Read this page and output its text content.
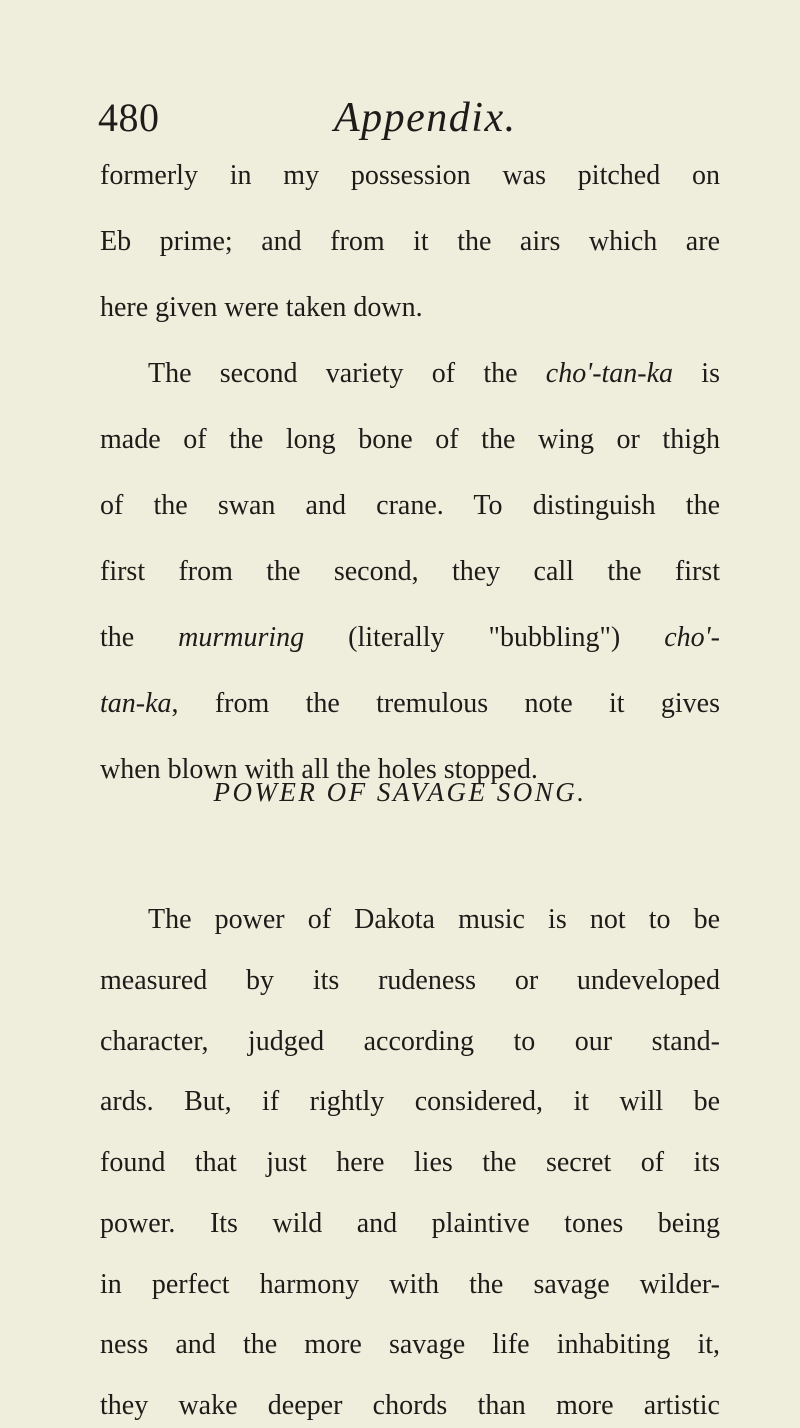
480	Appendix.
formerly in my possession was pitched on
Eb prime; and from it the airs which are
here given were taken down.
The second variety of the cho'-tan-ka is
made of the long bone of the wing or thigh
of the swan and crane. To distinguish the
first from the second, they call the first
the murmuring (literally "bubbling") cho'-
tan-ka, from the tremulous note it gives
when blown with all the holes stopped.
POWER OF SAVAGE SONG.
The power of Dakota music is not to be
measured by its rudeness or undeveloped
character, judged according to our stand-
ards. But, if rightly considered, it will be
found that just here lies the secret of its
power. Its wild and plaintive tones being
in perfect harmony with the savage wilder-
ness and the more savage life inhabiting it,
they wake deeper chords than more artistic
